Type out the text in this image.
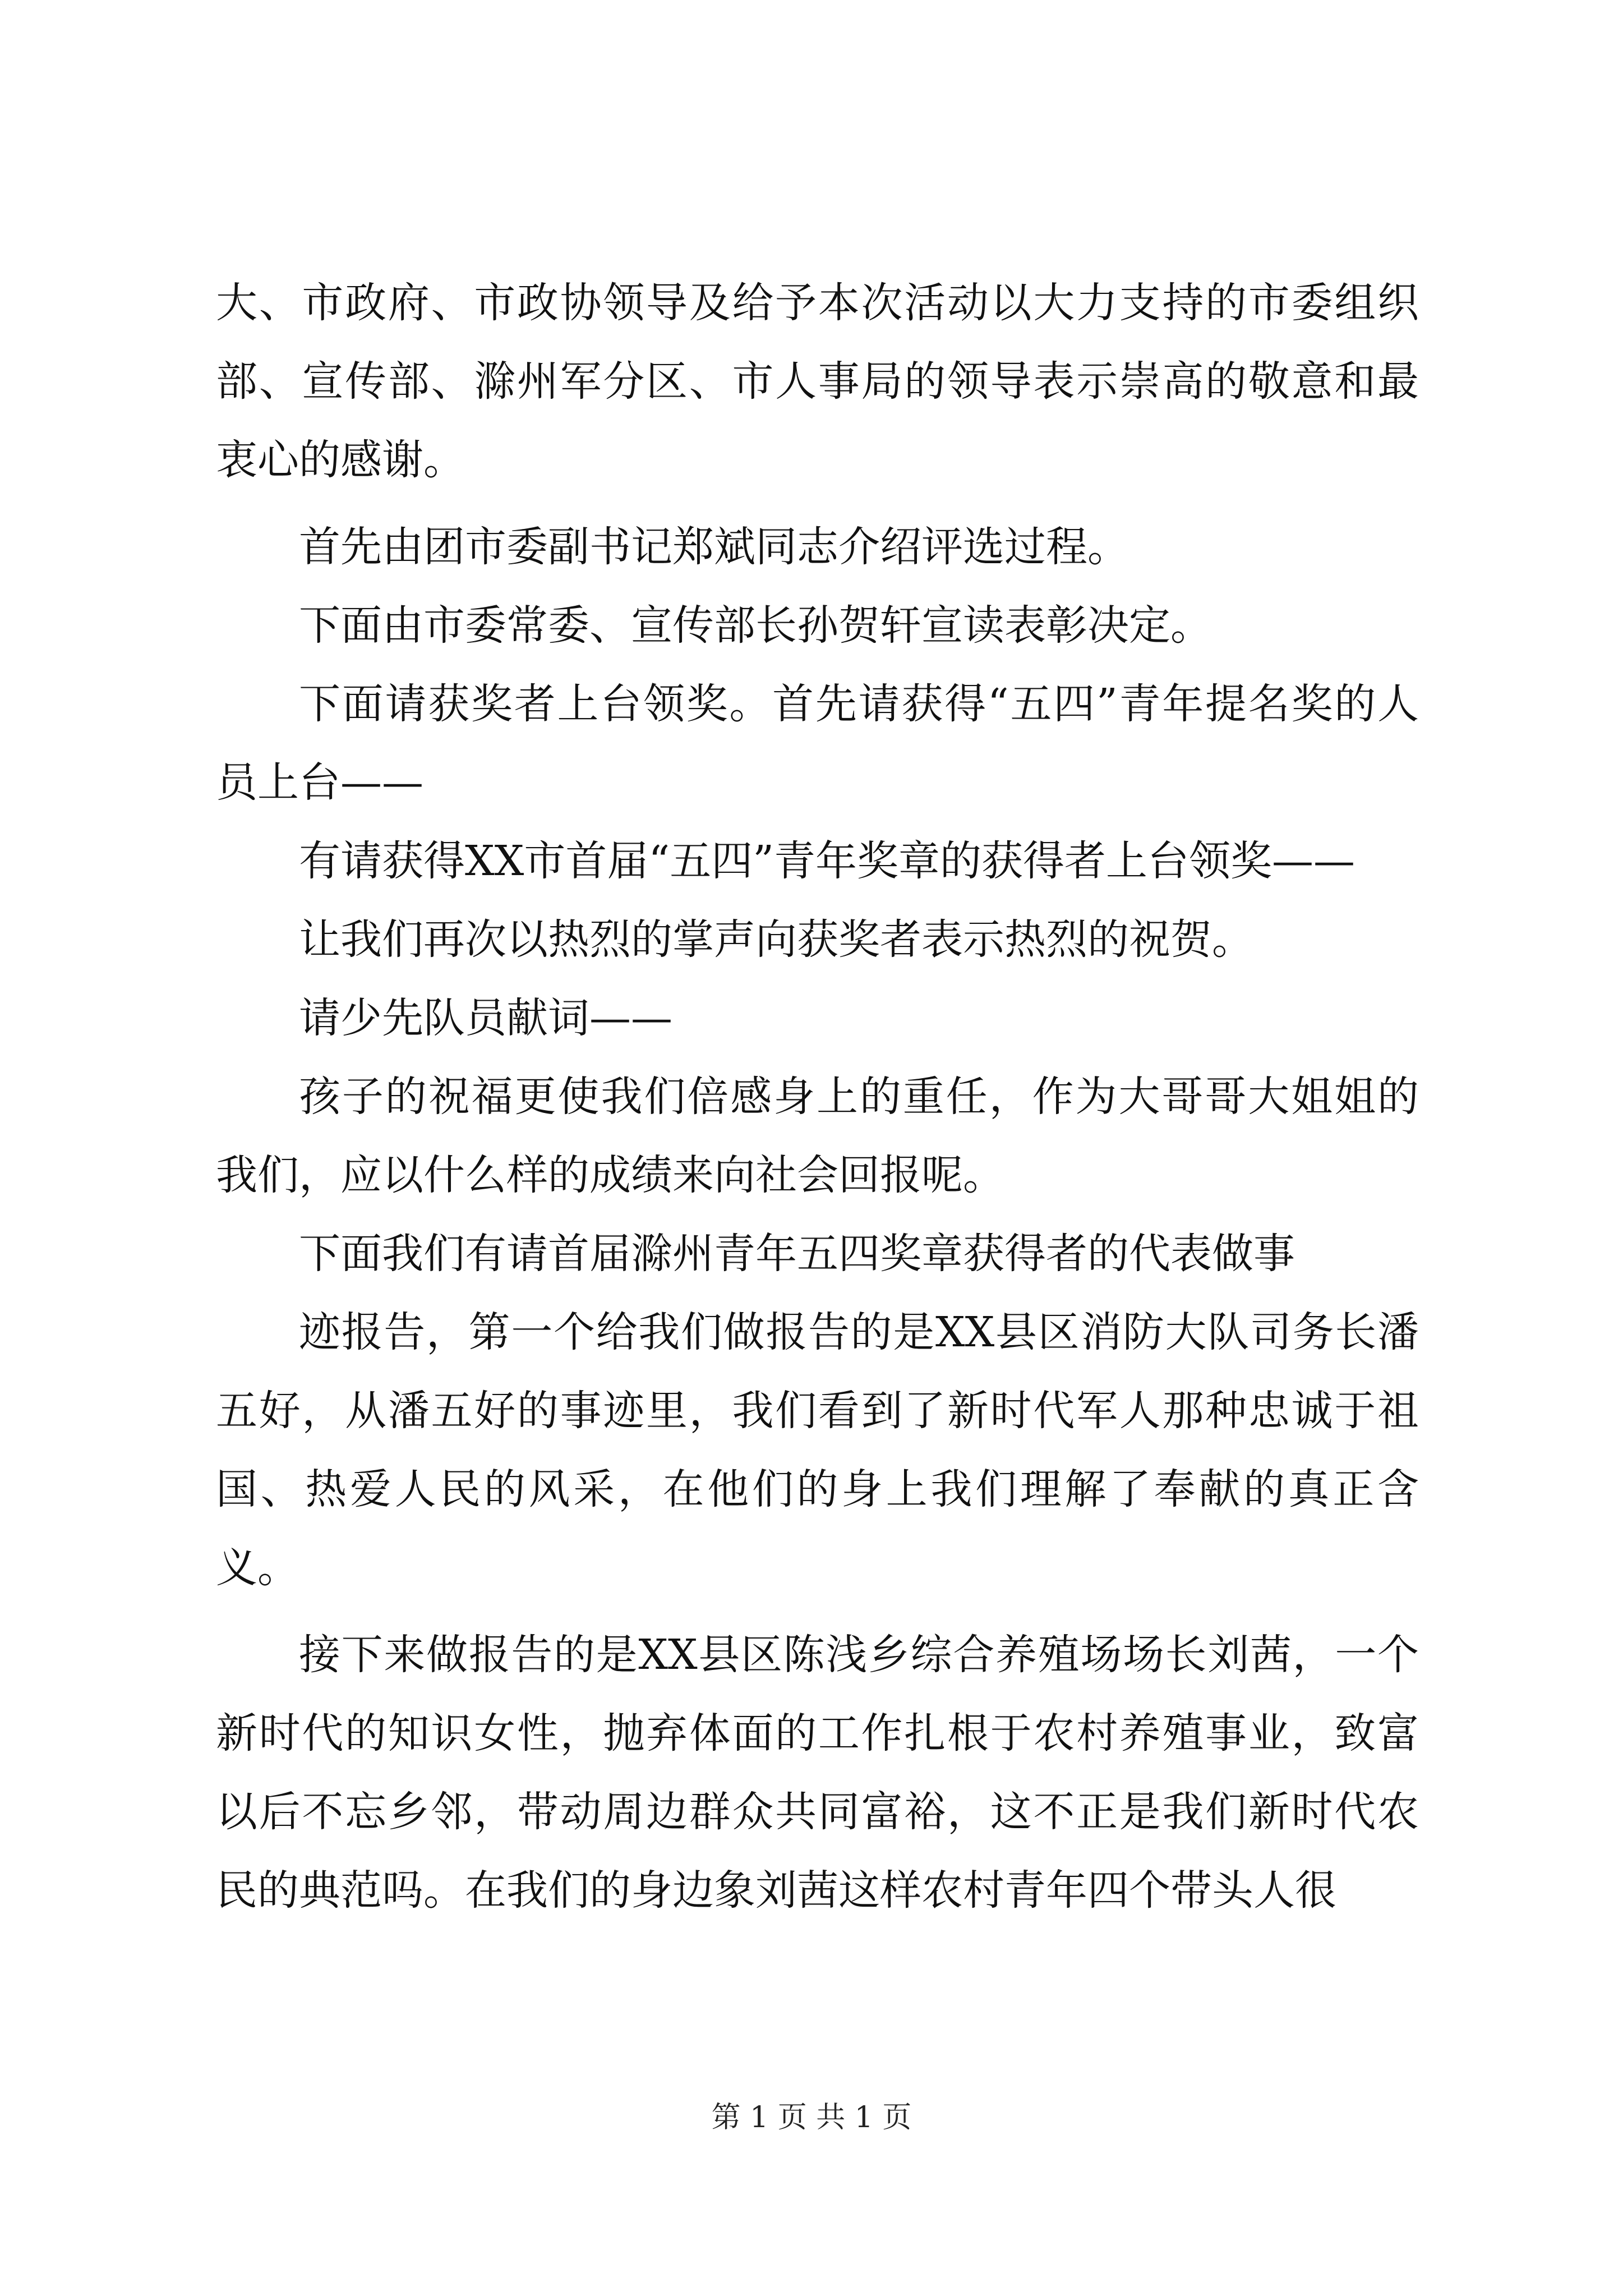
大、市政府、市政协领导及给予本次活动以大力支持的市委组织部、宣传部、滁州军分区、市人事局的领导表示崇高的敬意和最衷心的感谢。

首先由团市委副书记郑斌同志介绍评选过程。

下面由市委常委、宣传部长孙贺轩宣读表彰决定。

下面请获奖者上台领奖。首先请获得“五四”青年提名奖的人员上台——

有请获得XX市首届“五四”青年奖章的获得者上台领奖——

让我们再次以热烈的掌声向获奖者表示热烈的祝贺。

请少先队员献词——

孩子的祝福更使我们倍感身上的重任，作为大哥哥大姐姐的我们，应以什么样的成绩来向社会回报呢。

下面我们有请首届滁州青年五四奖章获得者的代表做事

迹报告，第一个给我们做报告的是XX县区消防大队司务长潘五好，从潘五好的事迹里，我们看到了新时代军人那种忠诚于祖国、热爱人民的风采，在他们的身上我们理解了奉献的真正含义。

接下来做报告的是XX县区陈浅乡综合养殖场场长刘茜，一个新时代的知识女性，抛弃体面的工作扎根于农村养殖事业，致富以后不忘乡邻，带动周边群众共同富裕，这不正是我们新时代农民的典范吗。在我们的身边象刘茜这样农村青年四个带头人很

第 1 页 共 1 页
